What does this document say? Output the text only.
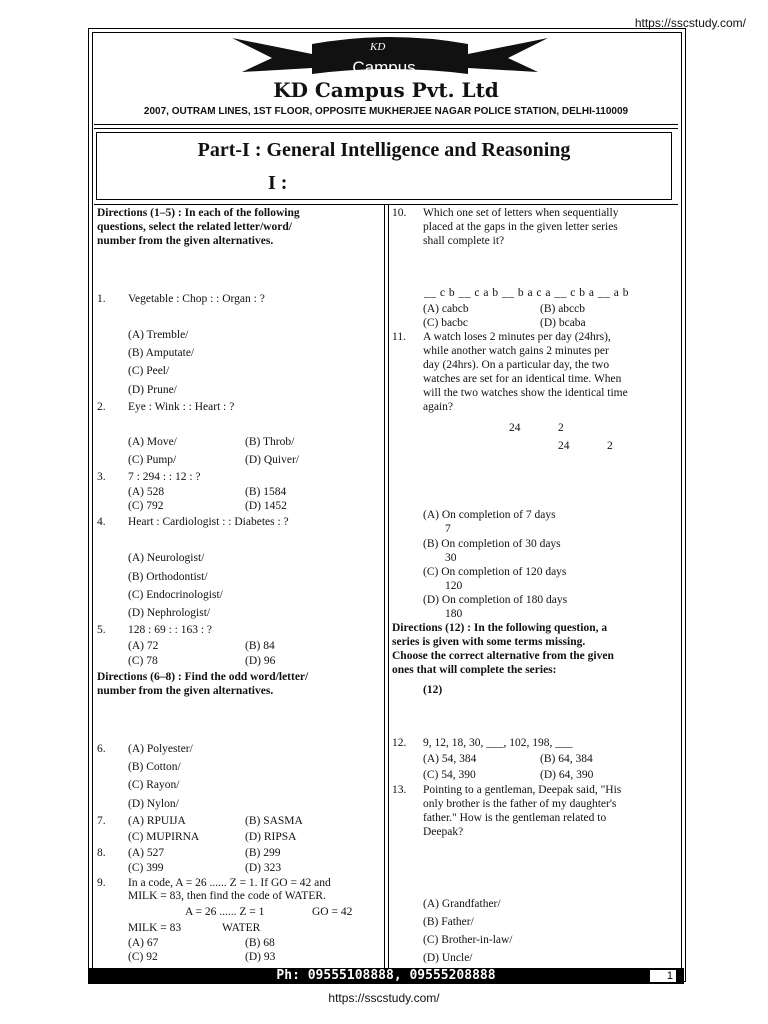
https://sscstudy.com/
KD
Campus
KD Campus Pvt. Ltd
2007, OUTRAM LINES, 1ST FLOOR, OPPOSITE MUKHERJEE NAGAR POLICE STATION, DELHI-110009
Part-I : General Intelligence and Reasoning
I :
Directions (1–5) : In each of the following
questions, select the related letter/word/
number from the given alternatives.
1. Vegetable : Chop : : Organ : ?
(A) Tremble/
(B) Amputate/
(C) Peel/
(D) Prune/
2. Eye : Wink : : Heart : ?
(A) Move/	(B) Throb/
(C) Pump/	(D) Quiver/
3. 7 : 294 : : 12 : ?
(A) 528	(B) 1584
(C) 792	(D) 1452
4. Heart : Cardiologist : : Diabetes : ?
(A) Neurologist/
(B) Orthodontist/
(C) Endocrinologist/
(D) Nephrologist/
5. 128 : 69 : : 163 : ?
(A) 72	(B) 84
(C) 78	(D) 96
Directions (6–8) : Find the odd word/letter/
number from the given alternatives.
6. (A) Polyester/
(B) Cotton/
(C) Rayon/
(D) Nylon/
7. (A) RPUIJA	(B) SASMA
(C) MUPIRNA	(D) RIPSA
8. (A) 527	(B) 299
(C) 399	(D) 323
9. In a code, A = 26 ...... Z = 1. If GO = 42 and
MILK = 83, then find the code of WATER.
A = 26 ...... Z = 1	GO = 42
MILK = 83	WATER
(A) 67	(B) 68
(C) 92	(D) 93
10. Which one set of letters when sequentially
placed at the gaps in the given letter series
shall complete it?
__ c b __ c a b __ b a c a __ c b a __ a b
(A) cabcb	(B) abccb
(C) bacbc	(D) bcaba
11. A watch loses 2 minutes per day (24hrs),
while another watch gains 2 minutes per
day (24hrs). On a particular day, the two
watches are set for an identical time. When
will the two watches show the identical time
again?
24	2
24	2
(A) On completion of 7 days
7
(B) On completion of 30 days
30
(C) On completion of 120 days
120
(D) On completion of 180 days
180
Directions (12) : In the following question, a
series is given with some terms missing.
Choose the correct alternative from the given
ones that will complete the series:
(12)
12. 9, 12, 18, 30, ___, 102, 198, ___
(A) 54, 384	(B) 64, 384
(C) 54, 390	(D) 64, 390
13. Pointing to a gentleman, Deepak said, "His
only brother is the father of my daughter's
father." How is the gentleman related to
Deepak?
(A) Grandfather/
(B) Father/
(C) Brother-in-law/
(D) Uncle/
Ph: 09555108888, 09555208888	1
https://sscstudy.com/
